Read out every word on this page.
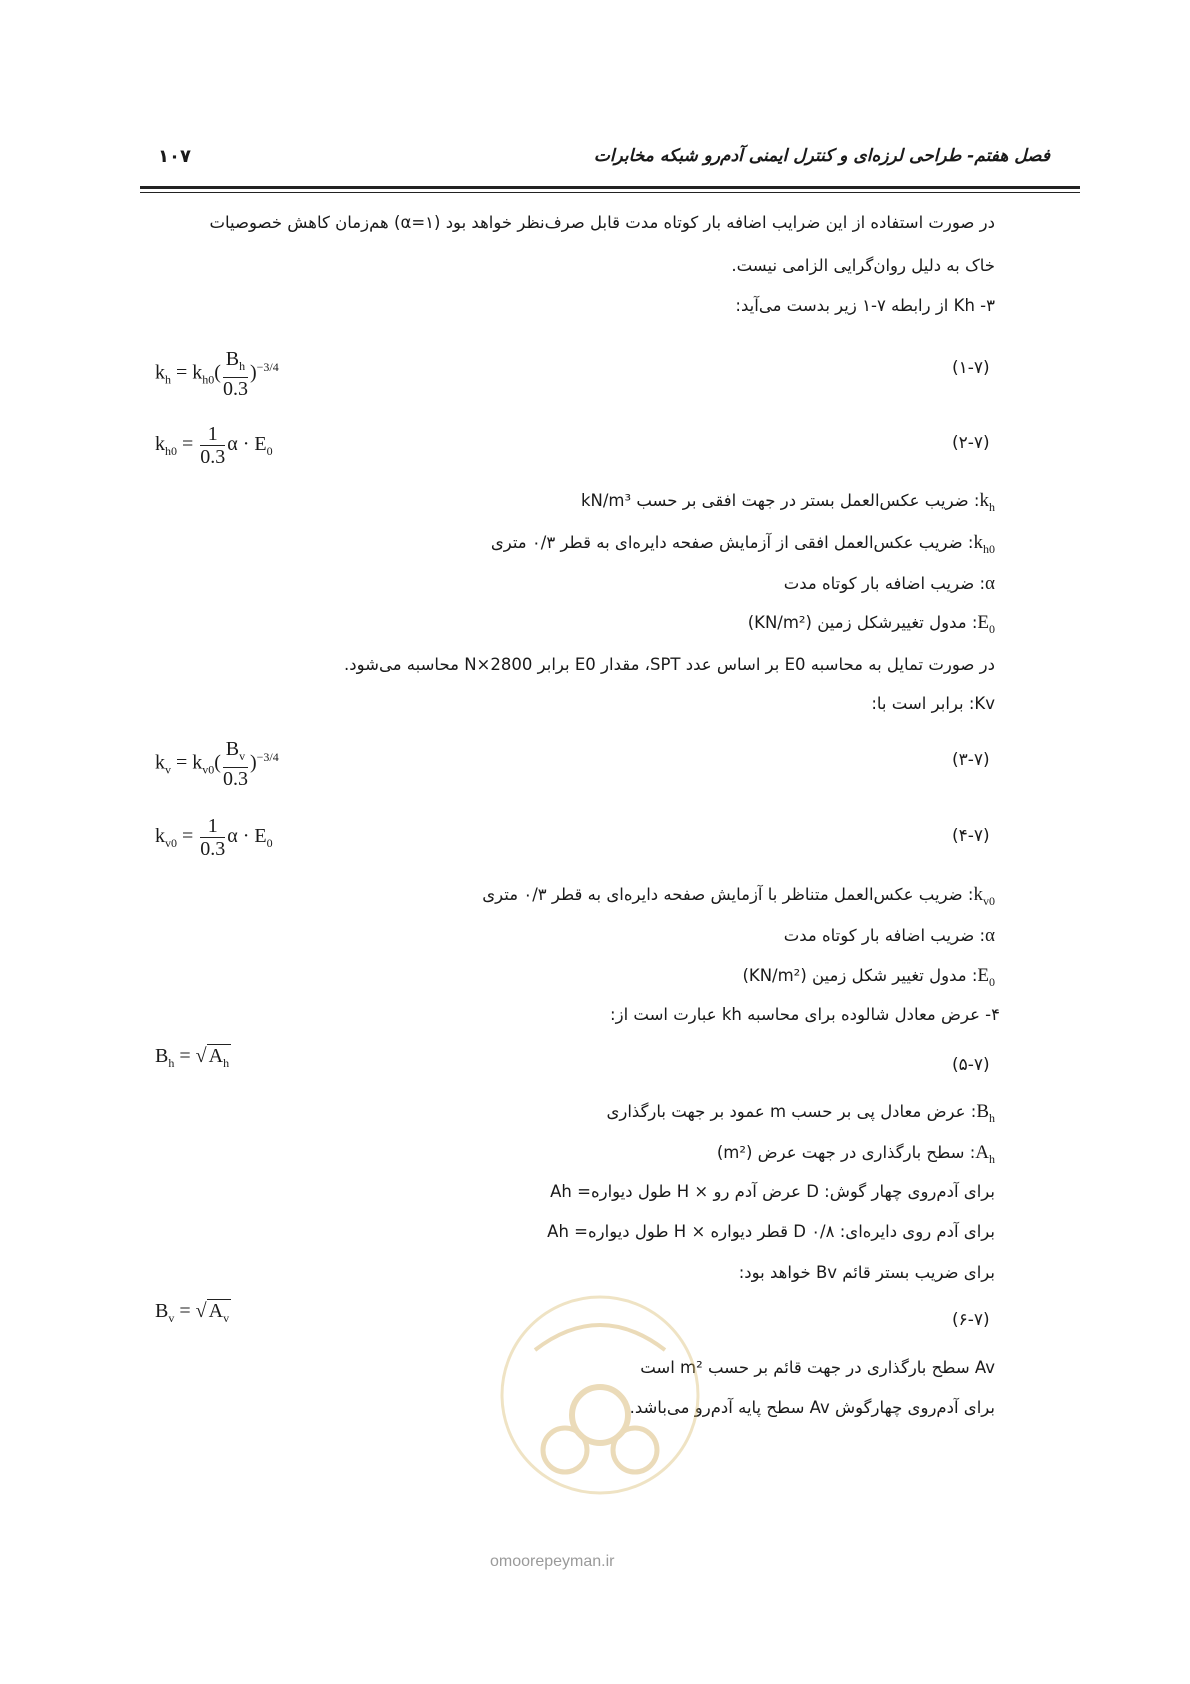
فصل هفتم- طراحی لرزه‌ای و کنترل ایمنی آدم‌رو شبکه مخابرات
۱۰۷
در صورت استفاده از این ضرایب اضافه بار کوتاه مدت قابل صرف‌نظر خواهد بود (α=۱) هم‌زمان کاهش خصوصیات
خاک به دلیل روان‌گرایی الزامی نیست.
۳- Kh از رابطه ۷-۱ زیر بدست می‌آید:
$k_h = k_{h0}( \frac{B_h}{0.3} )^{-3/4}$	(۱-۷)
$k_{h0} = \frac{1}{0.3}$ $\alpha \cdot E_0$	(۲-۷)
$k_h$: ضریب عکس‌العمل بستر در جهت افقی بر حسب kN/m³
$k_{h0}$: ضریب عکس‌العمل افقی از آزمایش صفحه دایره‌ای به قطر ۰/۳ متری
α: ضریب اضافه بار کوتاه مدت
$E_0$: مدول تغییرشکل زمین (KN/m²)
در صورت تمایل به محاسبه E0 بر اساس عدد SPT، مقدار E0 برابر 2800×N محاسبه می‌شود.
Kv: برابر است با:
$k_v = k_{v0}( \frac{B_v}{0.3} )^{-3/4}$	(۳-۷)
$k_{v0} = \frac{1}{0.3}$ $\alpha \cdot E_0$	(۴-۷)
$k_{v0}$: ضریب عکس‌العمل متناظر با آزمایش صفحه دایره‌ای به قطر ۰/۳ متری
α: ضریب اضافه بار کوتاه مدت
$E_0$: مدول تغییر شکل زمین (KN/m²)
۴- عرض معادل شالوده برای محاسبه kh عبارت است از:
$B_h$ = √ $A_h$	(۵-۷)
$B_h$: عرض معادل پی بر حسب m عمود بر جهت بارگذاری
$A_h$: سطح بارگذاری در جهت عرض (m²)
برای آدم‌روی چهار گوش: D عرض آدم رو × H طول دیواره= Ah
برای آدم روی دایره‌ای: ۰/۸ D قطر دیواره × H طول دیواره= Ah
برای ضریب بستر قائم Bv خواهد بود:
$B_v$ = √ $A_v$	(۶-۷)
Av سطح بارگذاری در جهت قائم بر حسب m² است
برای آدم‌روی چهارگوش Av سطح پایه آدم‌رو می‌باشد.
omoorepeyman.ir
